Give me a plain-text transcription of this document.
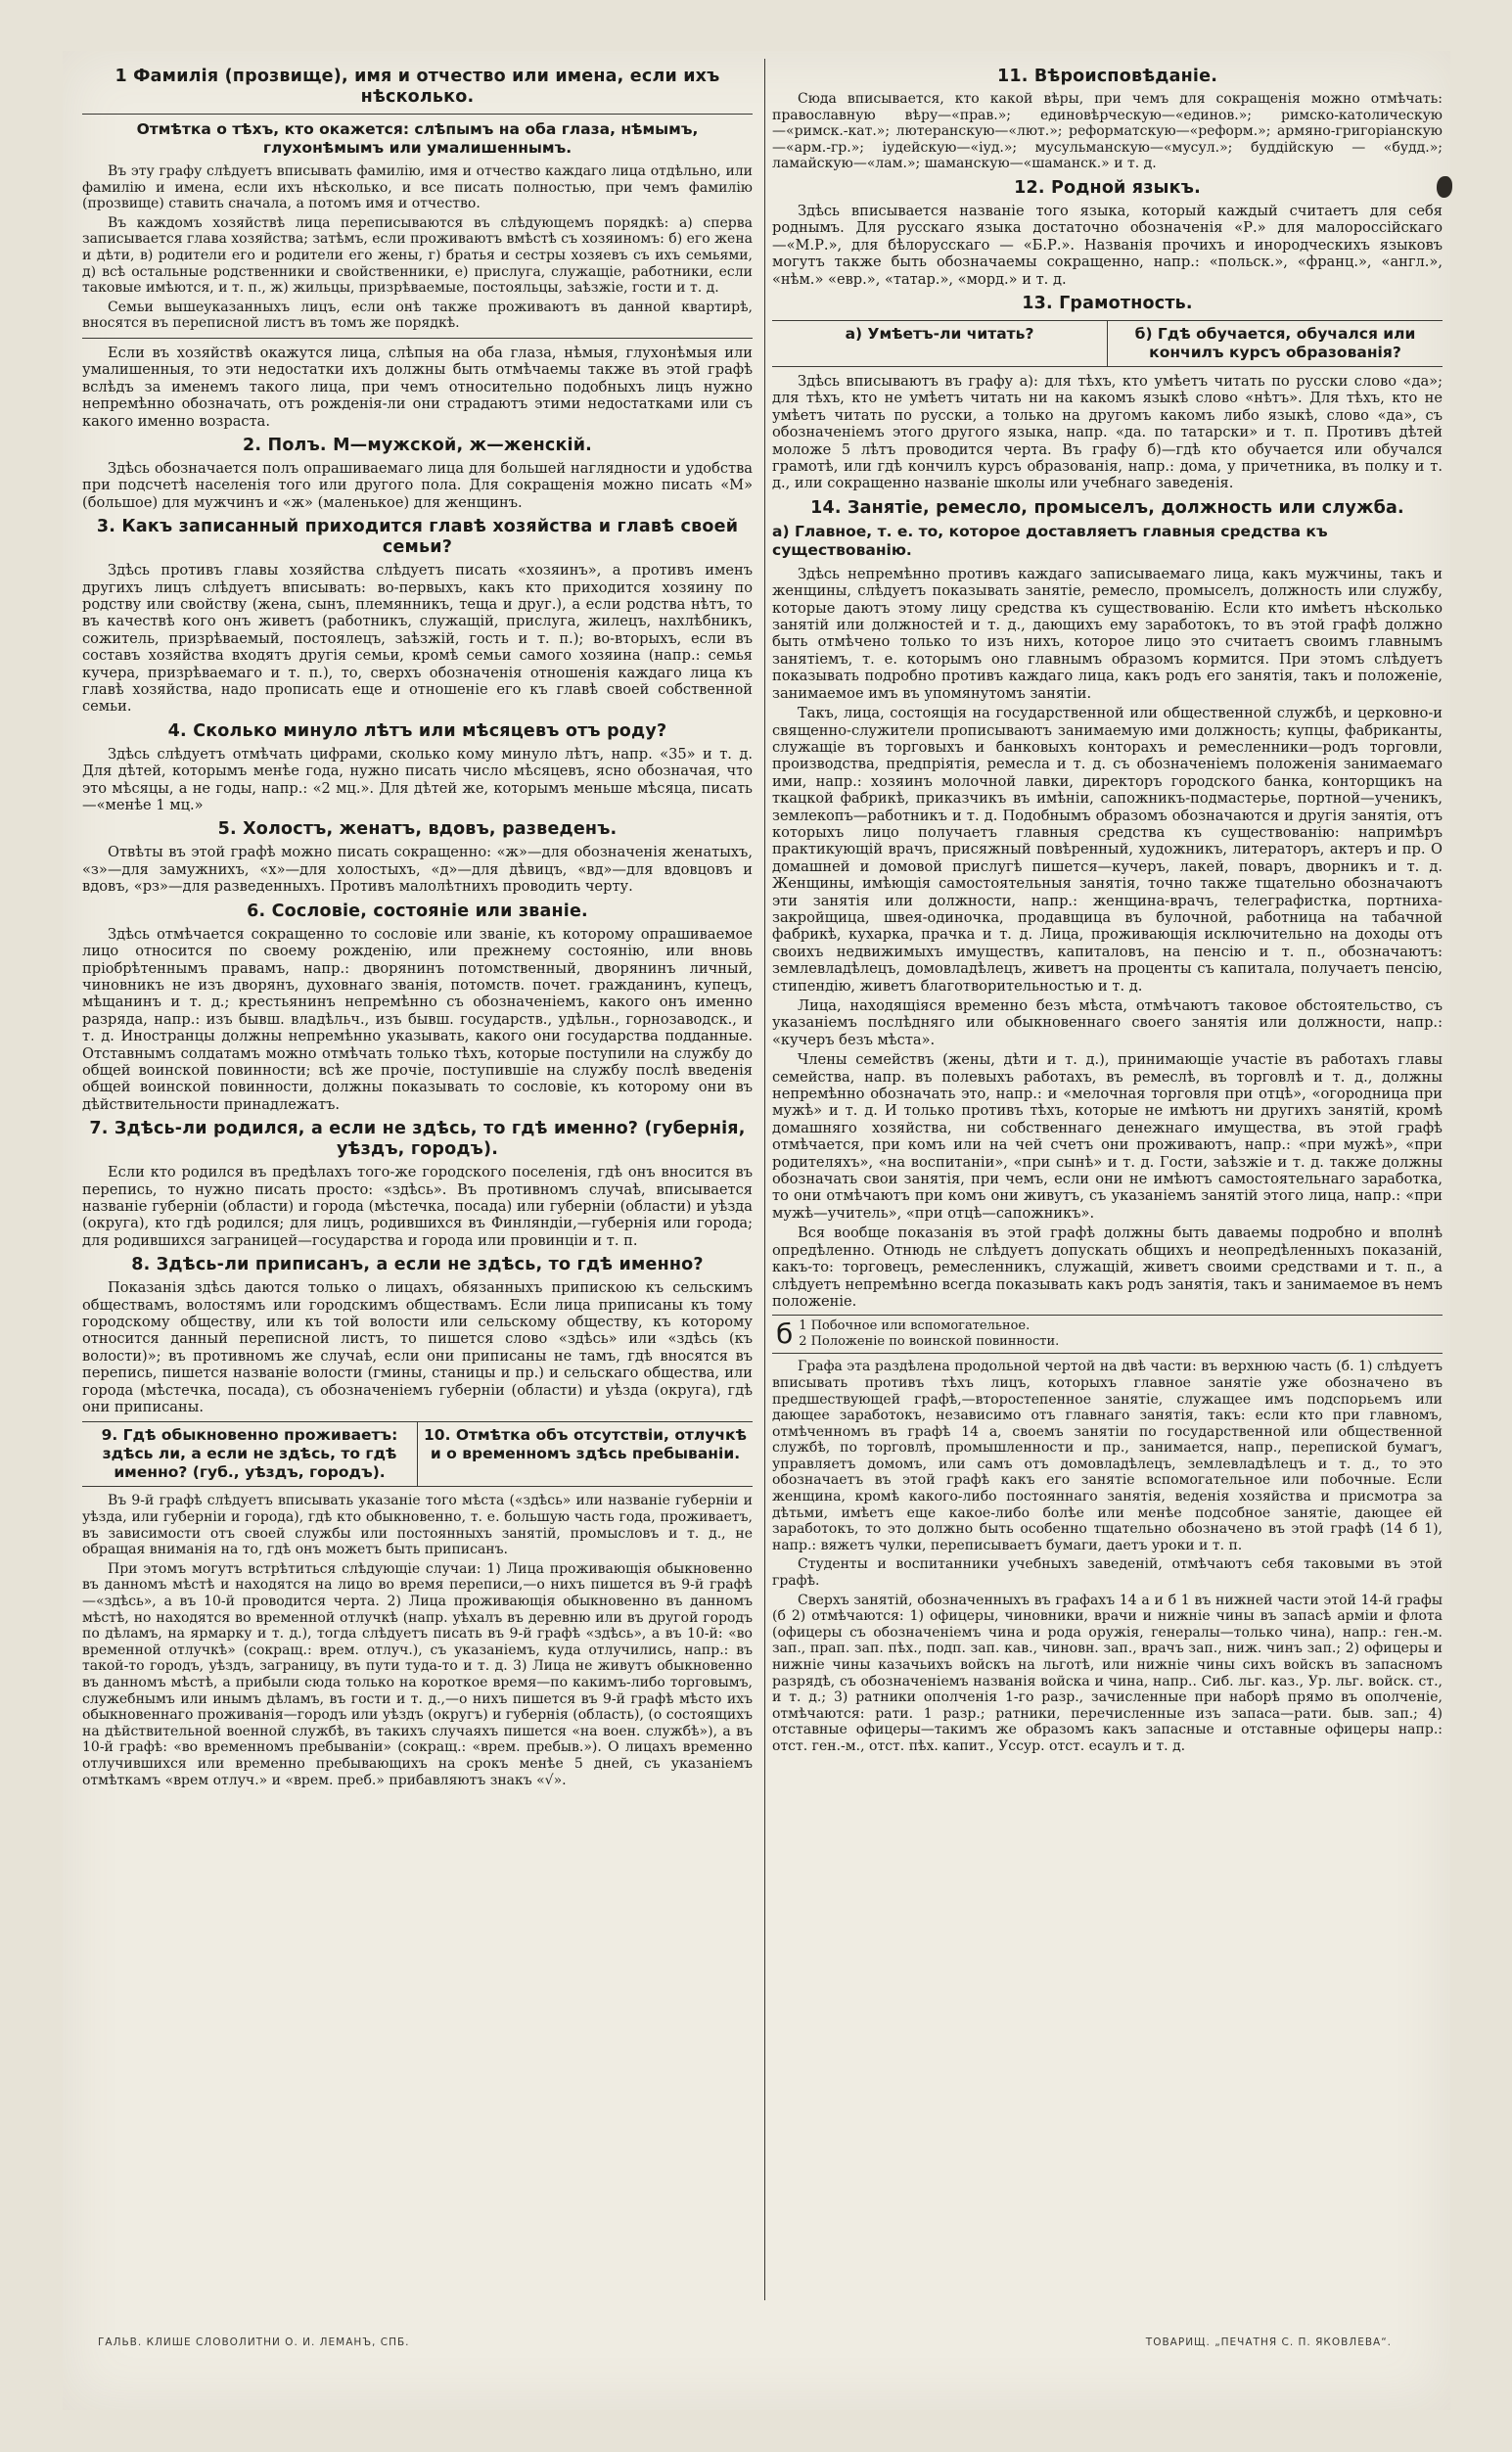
1 Фамилія (прозвище), имя и отчество или имена, если ихъ нѣсколько.
Отмѣтка о тѣхъ, кто окажется: слѣпымъ на оба глаза, нѣмымъ, глухонѣмымъ или умалишеннымъ.

Въ эту графу слѣдуетъ вписывать фамилію, имя и отчество каждаго лица отдѣльно, или фамилію и имена, если ихъ нѣсколько, и все писать полностью, при чемъ фамилію (прозвище) ставить сначала, а потомъ имя и отчество.

Въ каждомъ хозяйствѣ лица переписываются въ слѣдующемъ порядкѣ: а) сперва записывается глава хозяйства; затѣмъ, если проживаютъ вмѣстѣ съ хозяиномъ: б) его жена и дѣти, в) родители его и родители его жены, г) братья и сестры хозяевъ съ ихъ семьями, д) всѣ остальные родственники и свойственники, е) прислуга, служащіе, работники, если таковые имѣются, и т. п., ж) жильцы, призрѣваемые, постояльцы, заѣзжіе, гости и т. д.

Семьи вышеуказанныхъ лицъ, если онѣ также проживаютъ въ данной квартирѣ, вносятся въ переписной листъ въ томъ же порядкѣ.

Если въ хозяйствѣ окажутся лица, слѣпыя на оба глаза, нѣмыя, глухонѣмыя или умалишенныя, то эти недостатки ихъ должны быть отмѣчаемы также въ этой графѣ вслѣдъ за именемъ такого лица, при чемъ относительно подобныхъ лицъ нужно непремѣнно обозначать, отъ рожденія-ли они страдаютъ этими недостатками или съ какого именно возраста.

2. Полъ. М—мужской, ж—женскій.

Здѣсь обозначается полъ опрашиваемаго лица для большей наглядности и удобства при подсчетѣ населенія того или другого пола. Для сокращенія можно писать «М» (большое) для мужчинъ и «ж» (маленькое) для женщинъ.

3. Какъ записанный приходится главѣ хозяйства и главѣ своей семьи?

Здѣсь противъ главы хозяйства слѣдуетъ писать «хозяинъ», а противъ именъ другихъ лицъ слѣдуетъ вписывать: во-первыхъ, какъ кто приходится хозяину по родству или свойству (жена, сынъ, племянникъ, теща и друг.), а если родства нѣтъ, то въ качествѣ кого онъ живетъ (работникъ, служащій, прислуга, жилецъ, нахлѣбникъ, сожитель, призрѣваемый, постоялецъ, заѣзжій, гость и т. п.); во-вторыхъ, если въ составъ хозяйства входятъ другія семьи, кромѣ семьи самого хозяина (напр.: семья кучера, призрѣваемаго и т. п.), то, сверхъ обозначенія отношенія каждаго лица къ главѣ хозяйства, надо прописать еще и отношеніе его къ главѣ своей собственной семьи.

4. Сколько минуло лѣтъ или мѣсяцевъ отъ роду?

Здѣсь слѣдуетъ отмѣчать цифрами, сколько кому минуло лѣтъ, напр. «35» и т. д. Для дѣтей, которымъ менѣе года, нужно писать число мѣсяцевъ, ясно обозначая, что это мѣсяцы, а не годы, напр.: «2 мц.». Для дѣтей же, которымъ меньше мѣсяца, писать—«менѣе 1 мц.»

5. Холостъ, женатъ, вдовъ, разведенъ.

Отвѣты въ этой графѣ можно писать сокращенно: «ж»—для обозначенія женатыхъ, «з»—для замужнихъ, «х»—для холостыхъ, «д»—для дѣвицъ, «вд»—для вдовцовъ и вдовъ, «рз»—для разведенныхъ. Противъ малолѣтнихъ проводить черту.

6. Сословіе, состояніе или званіе.

Здѣсь отмѣчается сокращенно то сословіе или званіе, къ которому опрашиваемое лицо относится по своему рожденію, или прежнему состоянію, или вновь пріобрѣтеннымъ правамъ, напр.: дворянинъ потомственный, дворянинъ личный, чиновникъ не изъ дворянъ, духовнаго званія, потомств. почет. гражданинъ, купецъ, мѣщанинъ и т. д.; крестьянинъ непремѣнно съ обозначеніемъ, какого онъ именно разряда, напр.: изъ бывш. владѣльч., изъ бывш. государств., удѣльн., горнозаводск., и т. д. Иностранцы должны непремѣнно указывать, какого они государства подданные. Отставнымъ солдатамъ можно отмѣчать только тѣхъ, которые поступили на службу до общей воинской повинности; всѣ же прочіе, поступившіе на службу послѣ введенія общей воинской повинности, должны показывать то сословіе, къ которому они въ дѣйствительности принадлежатъ.

7. Здѣсь-ли родился, а если не здѣсь, то гдѣ именно? (губернія, уѣздъ, городъ).

Если кто родился въ предѣлахъ того-же городского поселенія, гдѣ онъ вносится въ перепись, то нужно писать просто: «здѣсь». Въ противномъ случаѣ, вписывается названіе губерніи (области) и города (мѣстечка, посада) или губерніи (области) и уѣзда (округа), кто гдѣ родился; для лицъ, родившихся въ Финляндіи,—губернія или города; для родившихся заграницей—государства и города или провинціи и т. п.

8. Здѣсь-ли приписанъ, а если не здѣсь, то гдѣ именно?

Показанія здѣсь даются только о лицахъ, обязанныхъ припискою къ сельскимъ обществамъ, волостямъ или городскимъ обществамъ. Если лица приписаны къ тому городскому обществу, или къ той волости или сельскому обществу, къ которому относится данный переписной листъ, то пишется слово «здѣсь» или «здѣсь (къ волости)»; въ противномъ же случаѣ, если они приписаны не тамъ, гдѣ вносятся въ перепись, пишется названіе волости (гмины, станицы и пр.) и сельскаго общества, или города (мѣстечка, посада), съ обозначеніемъ губерніи (области) и уѣзда (округа), гдѣ они приписаны.

9. Гдѣ обыкновенно проживаетъ: здѣсь ли, а если не здѣсь, то гдѣ именно? (губ., уѣздъ, городъ).
10. Отмѣтка объ отсутствіи, отлучкѣ и о временномъ здѣсь пребываніи.

Въ 9-й графѣ слѣдуетъ вписывать указаніе того мѣста («здѣсь» или названіе губерніи и уѣзда, или губерніи и города), гдѣ кто обыкновенно, т. е. большую часть года, проживаетъ, въ зависимости отъ своей службы или постоянныхъ занятій, промысловъ и т. д., не обращая вниманія на то, гдѣ онъ можетъ быть приписанъ.

При этомъ могутъ встрѣтиться слѣдующіе случаи: 1) Лица проживающія обыкновенно въ данномъ мѣстѣ и находятся на лицо во время переписи,—о нихъ пишется въ 9-й графѣ—«здѣсь», а въ 10-й проводится черта. 2) Лица проживающія обыкновенно въ данномъ мѣстѣ, но находятся во временной отлучкѣ (напр. уѣхалъ въ деревню или въ другой городъ по дѣламъ, на ярмарку и т. д.), тогда слѣдуетъ писать въ 9-й графѣ «здѣсь», а въ 10-й: «во временной отлучкѣ» (сокращ.: врем. отлуч.), съ указаніемъ, куда отлучились, напр.: въ такой-то городъ, уѣздъ, заграницу, въ пути туда-то и т. д. 3) Лица не живутъ обыкновенно въ данномъ мѣстѣ, а прибыли сюда только на короткое время—по какимъ-либо торговымъ, служебнымъ или инымъ дѣламъ, въ гости и т. д.,—о нихъ пишется въ 9-й графѣ мѣсто ихъ обыкновеннаго проживанія—городъ или уѣздъ (округъ) и губернія (область), (о состоящихъ на дѣйствительной военной службѣ, въ такихъ случаяхъ пишется «на воен. службѣ»), а въ 10-й графѣ: «во временномъ пребываніи» (сокращ.: «врем. пребыв.»). О лицахъ временно отлучившихся или временно пребывающихъ на срокъ менѣе 5 дней, съ указаніемъ отмѣткамъ «врем отлуч.» и «врем. преб.» прибавляютъ знакъ «√».

11. Вѣроисповѣданіе.

Сюда вписывается, кто какой вѣры, при чемъ для сокращенія можно отмѣчать: православную вѣру—«прав.»; единовѣрческую—«единов.»; римско-католическую—«римск.-кат.»; лютеранскую—«лют.»; реформатскую—«реформ.»; армяно-григоріанскую—«арм.-гр.»; іудейскую—«іуд.»; мусульманскую—«мусул.»; буддійскую — «будд.»; ламайскую—«лам.»; шаманскую—«шаманск.» и т. д.

12. Родной языкъ.

Здѣсь вписывается названіе того языка, который каждый считаетъ для себя роднымъ. Для русскаго языка достаточно обозначенія «Р.» для малороссійскаго—«М.Р.», для бѣлорусскаго — «Б.Р.». Названія прочихъ и инородческихъ языковъ могутъ также быть обозначаемы сокращенно, напр.: «польск.», «франц.», «англ.», «нѣм.» «евр.», «татар.», «морд.» и т. д.

13. Грамотность.
а) Умѣетъ-ли читать?	б) Гдѣ обучается, обучался или кончилъ курсъ образованія?

Здѣсь вписываютъ въ графу а): для тѣхъ, кто умѣетъ читать по русски слово «да»; для тѣхъ, кто не умѣетъ читать ни на какомъ языкѣ слово «нѣтъ». Для тѣхъ, кто не умѣетъ читать по русски, а только на другомъ какомъ либо языкѣ, слово «да», съ обозначеніемъ этого другого языка, напр. «да. по татарски» и т. п. Противъ дѣтей моложе 5 лѣтъ проводится черта. Въ графу б)—гдѣ кто обучается или обучался грамотѣ, или гдѣ кончилъ курсъ образованія, напр.: дома, у причетника, въ полку и т. д., или сокращенно названіе школы или учебнаго заведенія.

14. Занятіе, ремесло, промыселъ, должность или служба.
а) Главное, т. е. то, которое доставляетъ главныя средства къ существованію.

Здѣсь непремѣнно противъ каждаго записываемаго лица, какъ мужчины, такъ и женщины, слѣдуетъ показывать занятіе, ремесло, промыселъ, должность или службу, которые даютъ этому лицу средства къ существованію. Если кто имѣетъ нѣсколько занятій или должностей и т. д., дающихъ ему заработокъ, то въ этой графѣ должно быть отмѣчено только то изъ нихъ, которое лицо это считаетъ своимъ главнымъ занятіемъ, т. е. которымъ оно главнымъ образомъ кормится. При этомъ слѣдуетъ показывать подробно противъ каждаго лица, какъ родъ его занятія, такъ и положеніе, занимаемое имъ въ упомянутомъ занятіи.

Такъ, лица, состоящія на государственной или общественной службѣ, и церковно-и священно-служители прописываютъ занимаемую ими должность; купцы, фабриканты, служащіе въ торговыхъ и банковыхъ конторахъ и ремесленники—родъ торговли, производства, предпріятія, ремесла и т. д. съ обозначеніемъ положенія занимаемаго ими, напр.: хозяинъ молочной лавки, директоръ городского банка, конторщикъ на ткацкой фабрикѣ, приказчикъ въ имѣніи, сапожникъ-подмастерье, портной—ученикъ, землекопъ—работникъ и т. д. Подобнымъ образомъ обозначаются и другія занятія, отъ которыхъ лицо получаетъ главныя средства къ существованію: напримѣръ практикующій врачъ, присяжный повѣренный, художникъ, литераторъ, актеръ и пр. О домашней и домовой прислугѣ пишется—кучеръ, лакей, поваръ, дворникъ и т. д. Женщины, имѣющія самостоятельныя занятія, точно также тщательно обозначаютъ эти занятія или должности, напр.: женщина-врачъ, телеграфистка, портниха-закройщица, швея-одиночка, продавщица въ булочной, работница на табачной фабрикѣ, кухарка, прачка и т. д. Лица, проживающія исключительно на доходы отъ своихъ недвижимыхъ имуществъ, капиталовъ, на пенсію и т. п., обозначаютъ: землевладѣлецъ, домовладѣлецъ, живетъ на проценты съ капитала, получаетъ пенсію, стипендію, живетъ благотворительностью и т. д.

Лица, находящіяся временно безъ мѣста, отмѣчаютъ таковое обстоятельство, съ указаніемъ послѣдняго или обыкновеннаго своего занятія или должности, напр.: «кучеръ безъ мѣста».

Члены семействъ (жены, дѣти и т. д.), принимающіе участіе въ работахъ главы семейства, напр. въ полевыхъ работахъ, въ ремеслѣ, въ торговлѣ и т. д., должны непремѣнно обозначать это, напр.: и «мелочная торговля при отцѣ», «огородница при мужѣ» и т. д. И только противъ тѣхъ, которые не имѣютъ ни другихъ занятій, кромѣ домашняго хозяйства, ни собственнаго денежнаго имущества, въ этой графѣ отмѣчается, при комъ или на чей счетъ они проживаютъ, напр.: «при мужѣ», «при родителяхъ», «на воспитаніи», «при сынѣ» и т. д. Гости, заѣзжіе и т. д. также должны обозначать свои занятія, при чемъ, если они не имѣютъ самостоятельнаго заработка, то они отмѣчаютъ при комъ они живутъ, съ указаніемъ занятій этого лица, напр.: «при мужѣ—учитель», «при отцѣ—сапожникъ».

Вся вообще показанія въ этой графѣ должны быть даваемы подробно и вполнѣ опредѣленно. Отнюдь не слѣдуетъ допускать общихъ и неопредѣленныхъ показаній, какъ-то: торговецъ, ремесленникъ, служащій, живетъ своими средствами и т. п., а слѣдуетъ непремѣнно всегда показывать какъ родъ занятія, такъ и занимаемое въ немъ положеніе.

б 1 Побочное или вспомогательное.
2 Положеніе по воинской повинности.

Графа эта раздѣлена продольной чертой на двѣ части: въ верхнюю часть (б. 1) слѣдуетъ вписывать противъ тѣхъ лицъ, которыхъ главное занятіе уже обозначено въ предшествующей графѣ,—второстепенное занятіе, служащее имъ подспорьемъ или дающее заработокъ, независимо отъ главнаго занятія, такъ: если кто при главномъ, отмѣченномъ въ графѣ 14 а, своемъ занятіи по государственной или общественной службѣ, по торговлѣ, промышленности и пр., занимается, напр., перепиской бумагъ, управляетъ домомъ, или самъ отъ домовладѣлецъ, землевладѣлецъ и т. д., то это обозначаетъ въ этой графѣ какъ его занятіе вспомогательное или побочные. Если женщина, кромѣ какого-либо постояннаго занятія, веденія хозяйства и присмотра за дѣтьми, имѣетъ еще какое-либо болѣе или менѣе подсобное занятіе, дающее ей заработокъ, то это должно быть особенно тщательно обозначено въ этой графѣ (14 б 1), напр.: вяжетъ чулки, переписываетъ бумаги, даетъ уроки и т. п.

Студенты и воспитанники учебныхъ заведеній, отмѣчаютъ себя таковыми въ этой графѣ.

Сверхъ занятій, обозначенныхъ въ графахъ 14 а и б 1 въ нижней части этой 14-й графы (б 2) отмѣчаются: 1) офицеры, чиновники, врачи и нижніе чины въ запасѣ арміи и флота (офицеры съ обозначеніемъ чина и рода оружія, генералы—только чина), напр.: ген.-м. зап., прап. зап. пѣх., подп. зап. кав., чиновн. зап., врачъ зап., ниж. чинъ зап.; 2) офицеры и нижніе чины казачьихъ войскъ на льготѣ, или нижніе чины сихъ войскъ въ запасномъ разрядѣ, съ обозначеніемъ названія войска и чина, напр.. Сиб. льг. каз., Ур. льг. войск. ст., и т. д.; 3) ратники ополченія 1-го разр., зачисленные при наборѣ прямо въ ополченіе, отмѣчаются: рати. 1 разр.; ратники, перечисленные изъ запаса—рати. быв. зап.; 4) отставные офицеры—такимъ же образомъ какъ запасные и отставные офицеры напр.: отст. ген.-м., отст. пѣх. капит., Уссур. отст. есаулъ и т. д.

ГАЛЬВ. КЛИШЕ СЛОВОЛИТНИ О. И. ЛЕМАНЪ, СПБ.	ТОВАРИЩ. „ПЕЧАТНЯ С. П. ЯКОВЛЕВА“.
